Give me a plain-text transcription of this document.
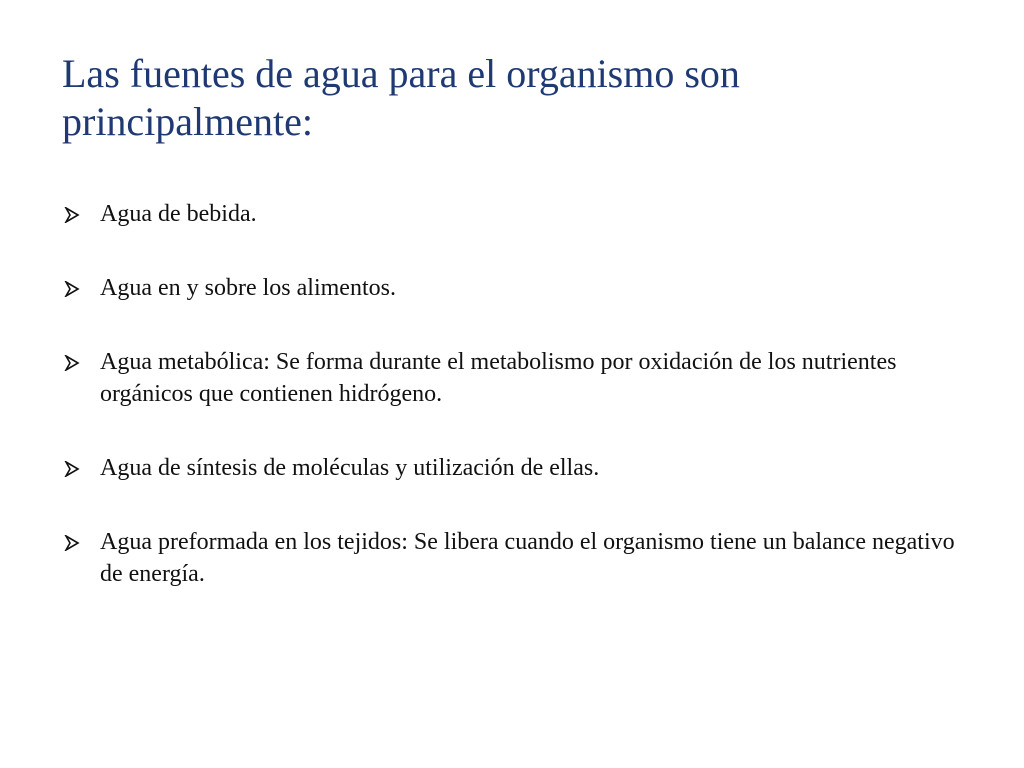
Las fuentes de agua para el organismo son principalmente:
Agua de bebida.
Agua en y sobre los alimentos.
Agua metabólica: Se forma durante el metabolismo por oxidación de los nutrientes orgánicos que contienen hidrógeno.
Agua de síntesis de moléculas y utilización de ellas.
Agua preformada en los tejidos: Se libera cuando el organismo tiene un balance negativo de energía.
